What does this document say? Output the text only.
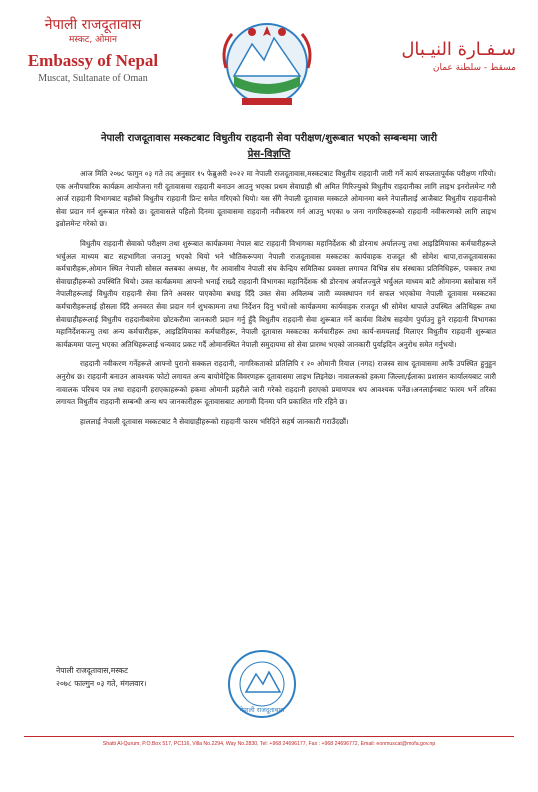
नेपाली राजदूतावास
मस्कट, ओमान
Embassy of Nepal
Muscat, Sultanate of Oman
سـفـارة النيـبال
مسقط - سلطنة عمان
नेपाली राजदूतावास मस्कटबाट विधुतीय राहदानी सेवा परीक्षण/शुरूबात भएको सम्बन्धमा जारी
प्रेस-विज्ञप्ति

आज मिति २०७८ फागुन ०३ गते तद अनुसार १५ फेब्रुअरी २०२२ मा नेपाली राजदूतावास,मस्कटबाट विधुतीय राहदानी जारी गर्ने कार्य सफलतापूर्वक परीक्षण गरियो। एक अनौपचारिक कार्यक्रम आयोजना गरी दूतावासमा राहदानी बनाउन आउनु भएका प्रथम सेवाग्राही श्री अमित गिरिज्युको विधुतीय राहदानीका लागि लाइभ इनरोलमेन्ट गरी आर्ज राहदानी विभागबाट वहाँको विधुतीय राहदानी प्रिन्ट समेत गरिएको थियो। यस सँगै नेपाली दूतावास मस्कटले ओमानमा बस्ने नेपालीलाई आजैबाट विधुतीय राहदानीको सेवा प्रदान गर्न शुरूबात गरेको छ। दूतावासले पहिलो दिनमा दूतावासमा राहदानी नवीकरण गर्न आउनु भएका ७ जना नागरिकहरूको राहदानी नवीकरणको लागि लाइभ इन्रोलमेन्ट गरेको छ।

विधुतीय राहदानी सेवाको परीक्षण तथा शुरूबात कार्यक्रममा नेपाल बाट राहदानी विभागका महानिर्देशक श्री डोरनाथ अर्यालज्यु तथा आइडिमियाका कर्मचारीहरूले भर्चुअल माध्यम बाट सहभागिता जनाउनु भएको थियो भने भौतिकरूपमा नेपाली राजदूतावास मस्कटका कार्यवाहक राजदूत श्री सोमेश थापा,राजदूतावासका कर्मचारीहरू,ओमान स्थित नेपाली सोसल क्लबका अध्यक्ष, गैर आवासीय नेपाली संघ केन्द्रिय समितिका प्रवक्ता लगायत विभिन्न संघ संस्थाका प्रतिनिधिहरू, पत्रकार तथा सेवाग्राहीहरूको उपस्थिति थियो। उक्त कार्यक्रममा आफ्नो भनाई राख्दै राहदानी विभागका महानिर्देशक श्री डोरनाथ अर्यालज्युले भर्चुअल माध्यम बाटै ओमानमा बसोबास गर्ने नेपालीहरूलाई विधुतीय राहदानी सेवा लिने अवसर पाएकोमा बधाइ दिँदै उक्त सेवा अविलम्ब जारी व्यवस्थापन गर्न सफल भएकोमा नेपाली दूतावास मस्कटका कर्मचारीहरूलाई हौसला दिँदै अनवरत सेवा प्रदान गर्न शुभकामना तथा निर्देशन दिनु भयो।सो कार्यक्रममा कार्यवाहक राजदूत श्री सोमेश थापाले उपस्थित अतिथिहरू तथा सेवाग्राहीहरूलाई विधुतीय राहदानीबारेमा छोटकरीमा जानकारी प्रदान गर्नु हुँदै विधुतीय राहदानी सेवा शुरूबात गर्ने कार्यमा विशेष सहयोग पुर्याउनु हुने राहदानी विभागका महानिर्देशकज्यु तथा अन्य कर्मचारीहरू, आइडिमियाका कर्मचारीहरू, नेपाली दूतावास मस्कटका कर्मचारीहरू तथा कार्य-समयलाई मिलाएर विधुतीय राहदानी शुरूबात कार्यक्रममा पाल्नु भएका अतिथिहरूलाई धन्यवाद प्रकट गर्दै ओमानस्थित नेपाली समुदायमा सो सेवा प्रारम्भ भएको जानकारी पुर्याइदिन अनुरोध समेत गर्नुभयो।

राहदानी नवीकरण गर्नेहरूले आफ्नो पुरानो सक्कल राहदानी, नागरिकताको प्रतिलिपि र २० ओमानी रियाल (नगद) राजस्व साथ दूतावासमा आफैं उपस्थित हुनुहुन अनुरोध छ। राहदानी बनाउन आवश्यक फोटो लगायत अन्य बायोमेट्रिक विवरणहरू दूतावासमा लाइभ लिइनेछ। नावालकको हकमा जिल्ला/ईलाका प्रशासन कार्यालयबाट जारी नावालक परिचय पत्र तथा राहदानी हराएकाहरूको हकमा ओमानी प्रहरीले जारी गरेको राहदानी हराएको प्रमाणपत्र थप आवश्यक पर्नेछ।अनलाईनबाट फारम भर्ने तरिका लगायत विधुतीय राहदानी सम्बन्धी अन्य थप जानकारीहरू दूतावासबाट आगामी दिनमा पनि प्रकाशित गरि रहिने छ।

हाललाई नेपाली दूतावास मस्कटबाट नै सेवाग्राहीहरूको राहदानी फारम भरिदिने सहर्ष जानकारी गराउँदछौं।

नेपाली राजदूतावास,मस्कट
२०७८ फाल्गुन ०३ गते, मंगलवार।
नेपाली राजदूतावास
Shatti Al-Qurum, P.O.Box 517, PC116, Villa No.2294, Way No.2830, Tel: +968 24696177, Fax : +968 24696772, Email: eonmuscat@mofa.gov.np
